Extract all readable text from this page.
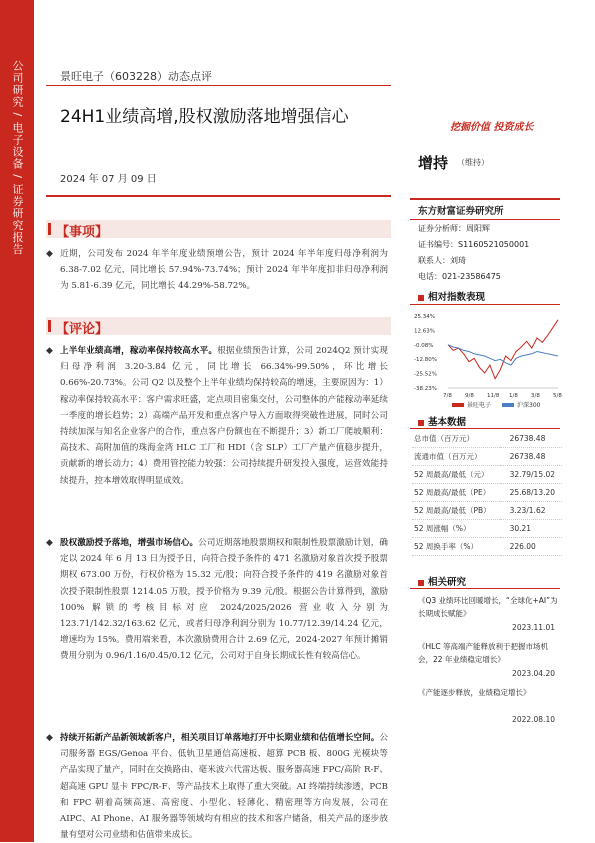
公司研究 / 电子设备 / 证券研究报告	景旺电子（603228）动态点评
24H1业绩高增,股权激励落地增强信心
挖掘价值 投资成长
2024 年 07 月 09 日
增持 （维持）
【事项】
◆ 近期，公司发布 2024 年半年度业绩预增公告，预计 2024 年半年度归母净利润为 6.38-7.02 亿元，同比增长 57.94%-73.74%；预计 2024 年半年度扣非归母净利润为 5.81-6.39 亿元，同比增长 44.29%-58.72%。
【评论】
◆ 上半年业绩高增，稼动率保持较高水平。根据业绩预告计算，公司 2024Q2 预计实现归母净利润 3.20-3.84 亿元，同比增长 66.34%-99.50%，环比增长 0.66%-20.73%。公司 Q2 以及整个上半年业绩均保持较高的增速，主要原因为：1）稼动率保持较高水平：客户需求旺盛，定点项目密集交付，公司整体的产能稼动率延续一季度的增长趋势；2）高端产品开发和重点客户导入方面取得突破性进展，同时公司持续加深与知名企业客户的合作，重点客户份额也在不断提升；3）新工厂爬坡顺利：高技术、高附加值的珠海金湾 HLC 工厂和 HDI（含 SLP）工厂产量产值稳步提升，贡献新的增长动力；4）费用管控能力较强：公司持续提升研发投入强度，运营效能持续提升，控本增效取得明显成效。
◆ 股权激励授予落地，增强市场信心。公司近期落地股票期权和限制性股票激励计划，确定以 2024 年 6 月 13 日为授予日，向符合授予条件的 471 名激励对象首次授予股票期权 673.00 万份，行权价格为 15.32 元/股；向符合授予条件的 419 名激励对象首次授予限制性股票 1214.05 万股，授予价格为 9.39 元/股。根据公告计算得到，激励 100% 解锁的考核目标对应 2024/2025/2026 营业收入分别为 123.71/142.32/163.62 亿元，或者归母净利润分别为 10.77/12.39/14.24 亿元，增速均为 15%。费用端来看，本次激励费用合计 2.69 亿元，2024-2027 年预计摊销费用分别为 0.96/1.16/0.45/0.12 亿元，公司对于自身长期成长性有较高信心。
◆ 持续开拓新产品新领域新客户，相关项目订单落地打开中长期业绩和估值增长空间。公司服务器 EGS/Genoa 平台、低轨卫星通信高速板、超算 PCB 板、800G 光模块等产品实现了量产，同时在交换路由、毫米波六代雷达板、服务器高速 FPC/高阶 R-F、超高速 GPU 显卡 FPC/R-F、等产品技术上取得了重大突破。AI 终端持续渗透，PCB 和 FPC 朝着高频高速、高密度、小型化、轻薄化、精密理等方向发展，公司在 AIPC、AI Phone、AI 服务器等领域均有相应的技术和客户储备，相关产品的逐步放量有望对公司业绩和估值带来成长。
东方财富证券研究所
证券分析师：周阳辉
证书编号：S1160521050001
联系人：刘琦
电话：021-23586475
相对指数表现
25.34%
12.63%
-0.08%
-12.80%
-25.52%
-38.23%
7/8 9/8 11/8 1/8 3/8 5/8
景旺电子	沪深300
基本数据
总市值（百万元）	26738.48
流通市值（百万元）	26738.48
52 周最高/最低（元）	32.79/15.02
52 周最高/最低（PE）	25.68/13.20
52 周最高/最低（PB）	3.23/1.62
52 周涨幅（%）	30.21
52 周换手率（%）	226.00
相关研究
《Q3 业绩环比回暖增长，“全球化+AI”为长期成长赋能》
2023.11.01
《HLC 等高端产能释放利于把握市场机会，22 年业绩稳定增长》
2023.04.20
《产能逐步释放，业绩稳定增长》
2022.08.10
